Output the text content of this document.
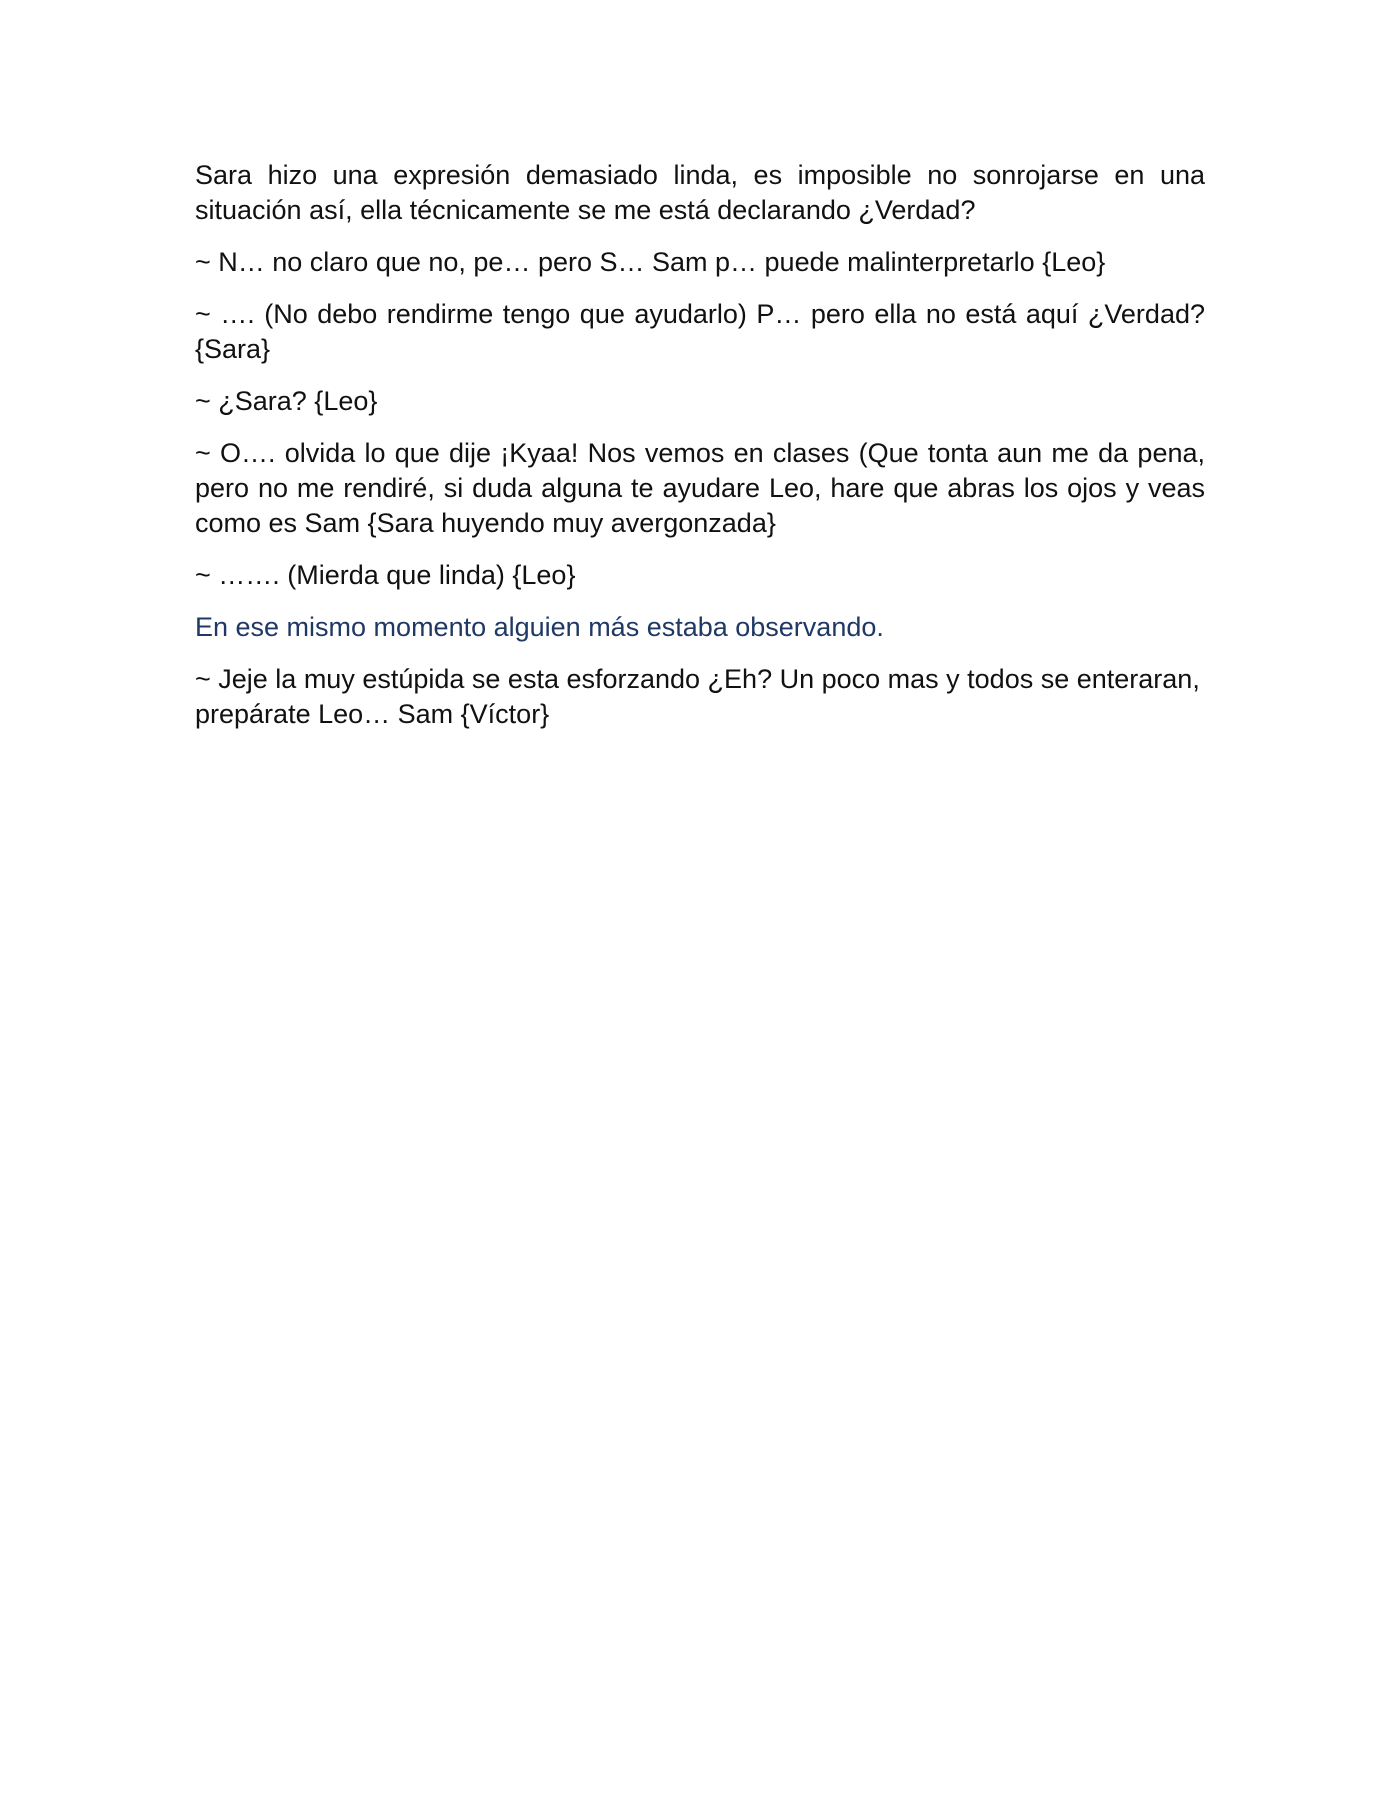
Sara hizo una expresión demasiado linda, es imposible no sonrojarse en una situación así, ella técnicamente se me está declarando ¿Verdad?

~ N… no claro que no, pe… pero S… Sam p… puede malinterpretarlo {Leo}

~ …. (No debo rendirme tengo que ayudarlo) P… pero ella no está aquí ¿Verdad? {Sara}

~ ¿Sara? {Leo}

~ O…. olvida lo que dije ¡Kyaa! Nos vemos en clases (Que tonta aun me da pena, pero no me rendiré, si duda alguna te ayudare Leo, hare que abras los ojos y veas como es Sam {Sara huyendo muy avergonzada}

~ ……. (Mierda que linda) {Leo}

En ese mismo momento alguien más estaba observando.

~ Jeje la muy estúpida se esta esforzando ¿Eh? Un poco mas y todos se enteraran, prepárate Leo… Sam {Víctor}
